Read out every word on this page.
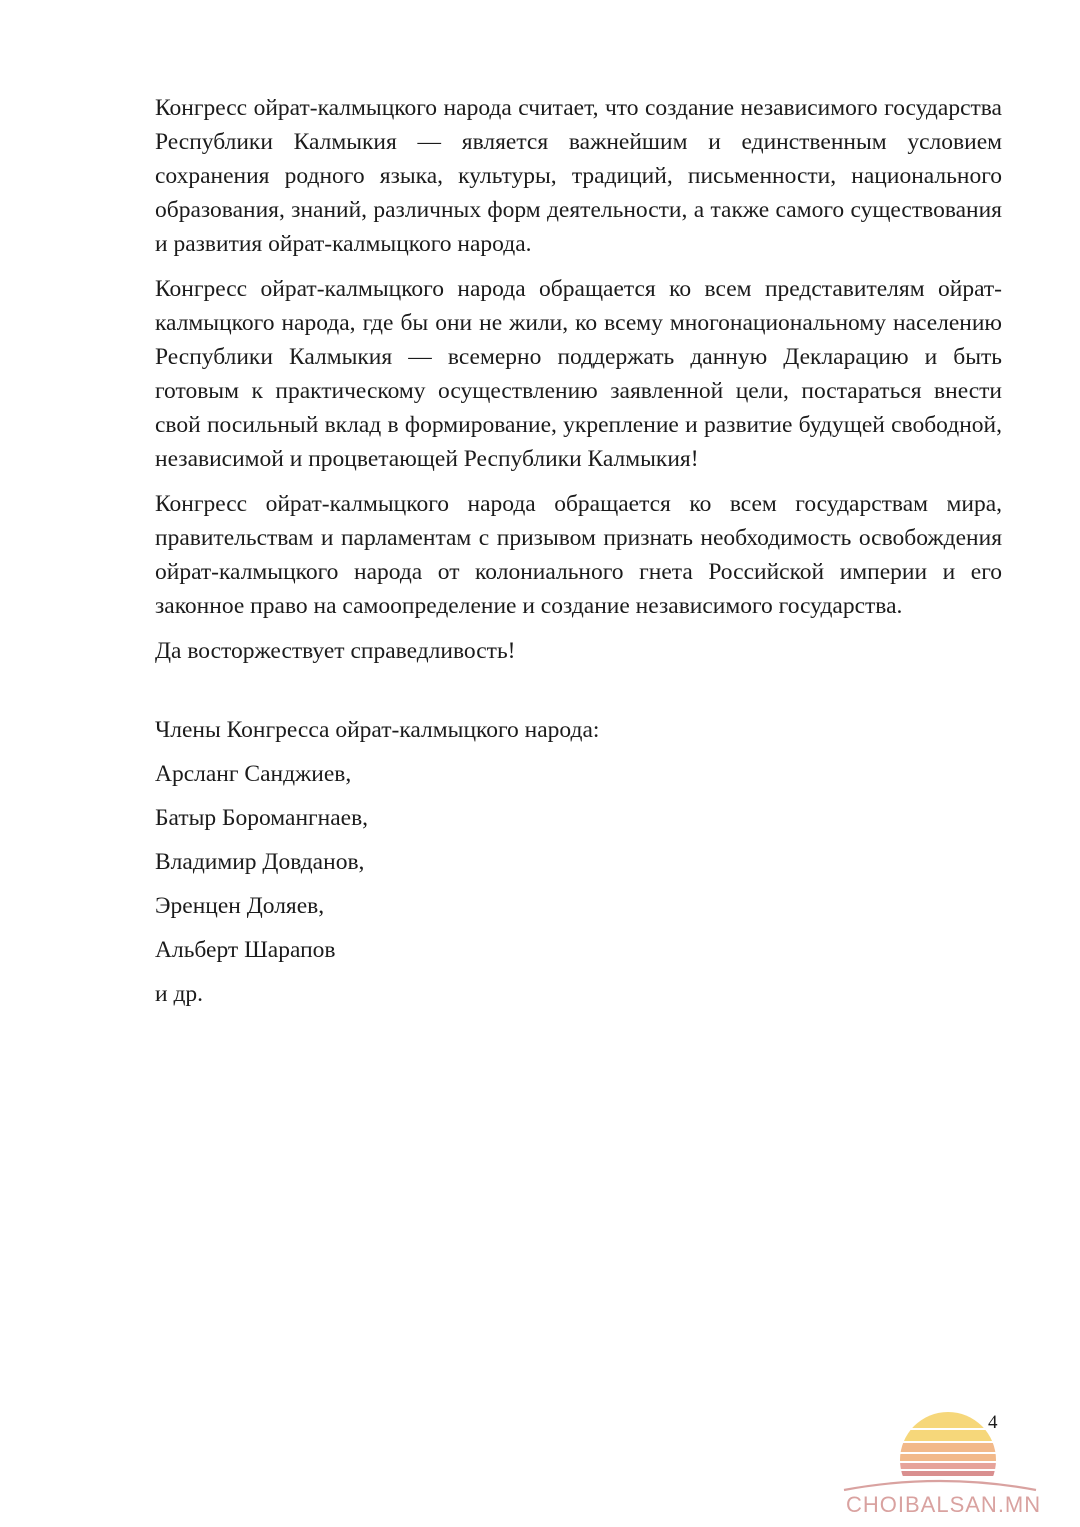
Конгресс ойрат-калмыцкого народа считает, что создание независимого государства Республики Калмыкия — является важнейшим и единственным условием сохранения родного языка, культуры, традиций, письменности, национального образования, знаний, различных форм деятельности, а также самого существования и развития ойрат-калмыцкого народа.

Конгресс ойрат-калмыцкого народа обращается ко всем представителям ойрат-калмыцкого народа, где бы они не жили, ко всему многонациональному населению Республики Калмыкия — всемерно поддержать данную Декларацию и быть готовым к практическому осуществлению заявленной цели, постараться внести свой посильный вклад в формирование, укрепление и развитие будущей свободной, независимой и процветающей Республики Калмыкия!

Конгресс ойрат-калмыцкого народа обращается ко всем государствам мира, правительствам и парламентам с призывом признать необходимость освобождения ойрат-калмыцкого народа от колониального гнета Российской империи и его законное право на самоопределение и создание независимого государства.

Да восторжествует справедливость!

Члены Конгресса ойрат-калмыцкого народа:

Арсланг Санджиев,

Батыр Боромангнаев,

Владимир Довданов,

Эренцен Доляев,

Альберт Шарапов

и др.

CHOIBALSAN.MN
4
